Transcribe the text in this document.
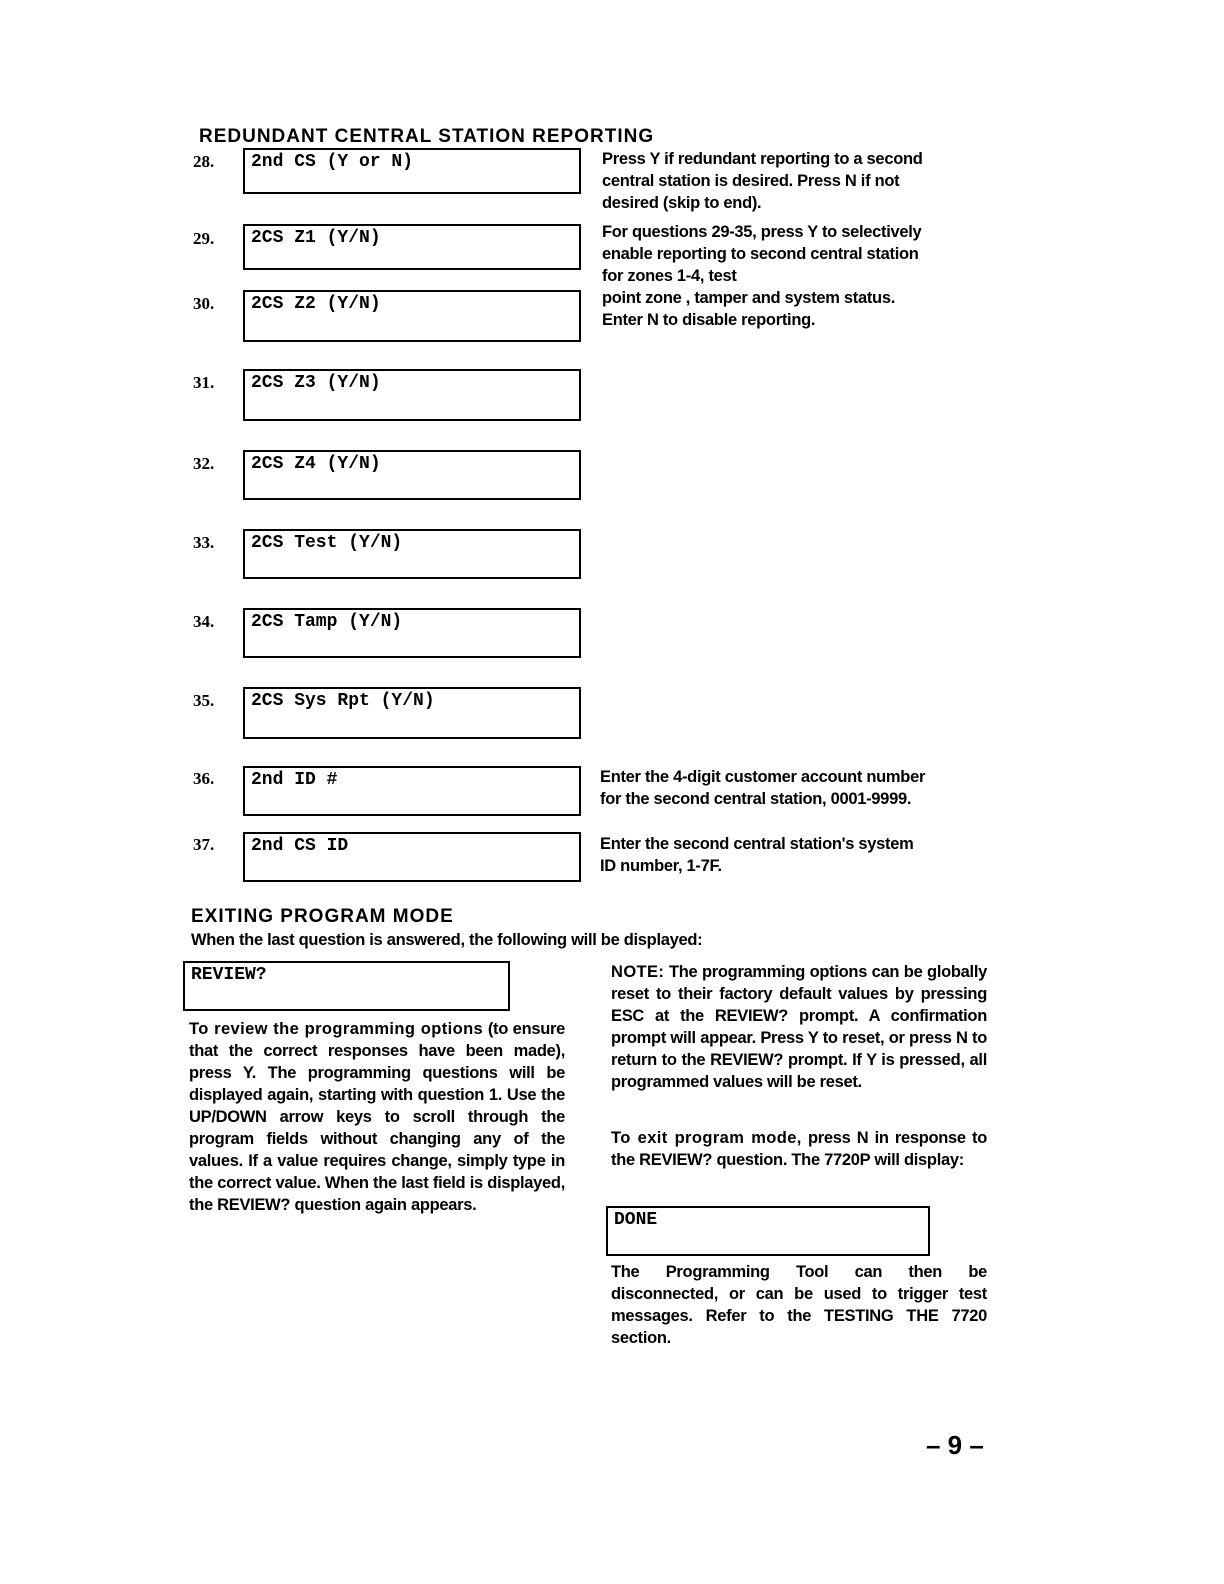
REDUNDANT CENTRAL STATION REPORTING
28.	2nd CS (Y or N)
29.	2CS Z1 (Y/N)
30.	2CS Z2 (Y/N)
31.	2CS Z3 (Y/N)
32.	2CS Z4 (Y/N)
33.	2CS Test (Y/N)
34.	2CS Tamp (Y/N)
35.	2CS Sys Rpt (Y/N)
36.	2nd ID #
37.	2nd CS ID
Press Y if redundant reporting to a second
central station is desired. Press N if not
desired (skip to end).
For questions 29-35, press Y to selectively
enable reporting to second central station
for zones 1-4, test
point zone , tamper and system status.
Enter N to disable reporting.
Enter the 4-digit customer account number
for the second central station, 0001-9999.
Enter the second central station's system
ID number, 1-7F.
EXITING PROGRAM MODE
When the last question is answered, the following will be displayed:
REVIEW?
To review the programming options (to ensure that the correct responses have been made), press Y. The programming questions will be displayed again, starting with question 1. Use the UP/DOWN arrow keys to scroll through the program fields without changing any of the values. If a value requires change, simply type in the correct value. When the last field is displayed, the REVIEW? question again appears.
NOTE: The programming options can be globally reset to their factory default values by pressing ESC at the REVIEW? prompt. A confirmation prompt will appear. Press Y to reset, or press N to return to the REVIEW? prompt. If Y is pressed, all programmed values will be reset.
To exit program mode, press N in response to the REVIEW? question. The 7720P will display:
DONE
The Programming Tool can then be disconnected, or can be used to trigger test messages. Refer to the TESTING THE 7720 section.
– 9 –
